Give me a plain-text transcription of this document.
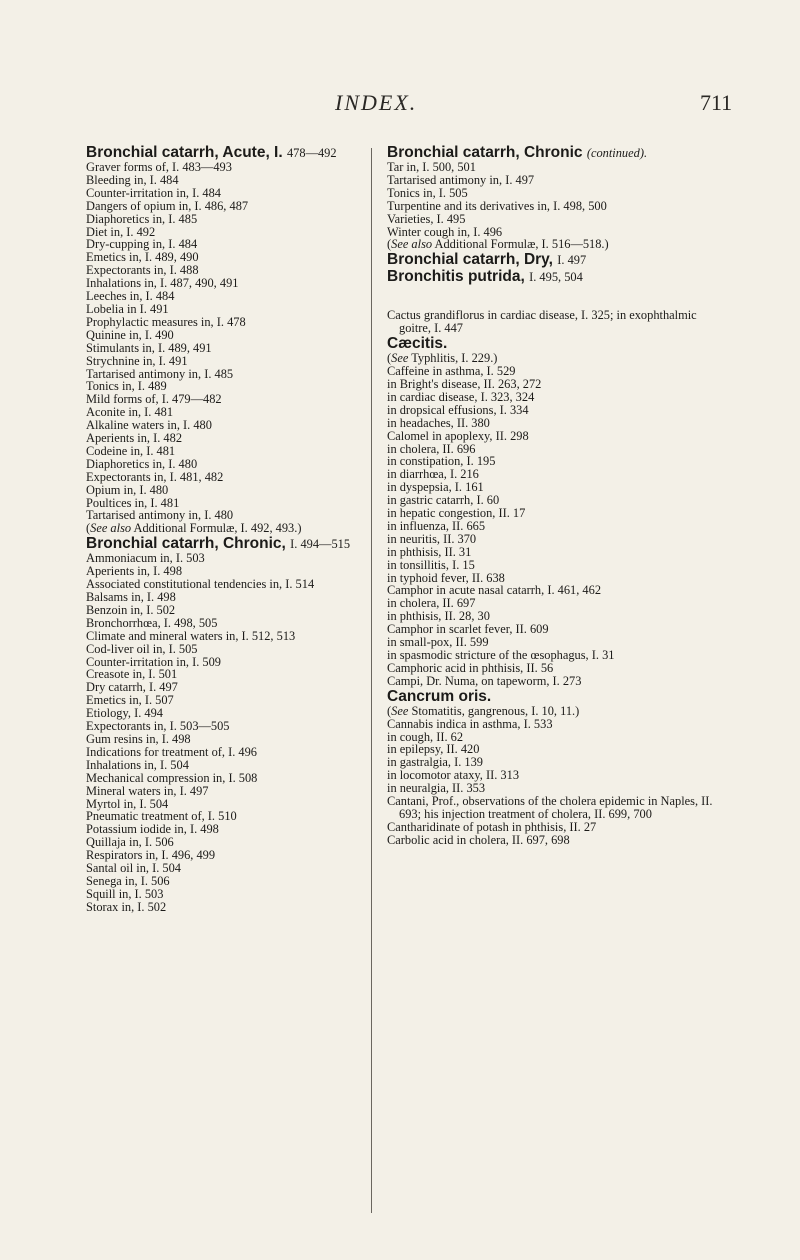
INDEX.	711
Bronchial catarrh, Acute, I. 478—492
Graver forms of, I. 483—493
Bleeding in, I. 484
Counter-irritation in, I. 484
Dangers of opium in, I. 486, 487
Diaphoretics in, I. 485
Diet in, I. 492
Dry-cupping in, I. 484
Emetics in, I. 489, 490
Expectorants in, I. 488
Inhalations in, I. 487, 490, 491
Leeches in, I. 484
Lobelia in I. 491
Prophylactic measures in, I. 478
Quinine in, I. 490
Stimulants in, I. 489, 491
Strychnine in, I. 491
Tartarised antimony in, I. 485
Tonics in, I. 489
Mild forms of, I. 479—482
Aconite in, I. 481
Alkaline waters in, I. 480
Aperients in, I. 482
Codeine in, I. 481
Diaphoretics in, I. 480
Expectorants in, I. 481, 482
Opium in, I. 480
Poultices in, I. 481
Tartarised antimony in, I. 480
(See also Additional Formulæ, I. 492, 493.)
Bronchial catarrh, Chronic, I. 494—515
Ammoniacum in, I. 503
Aperients in, I. 498
Associated constitutional tendencies in, I. 514
Balsams in, I. 498
Benzoin in, I. 502
Bronchorrhœa, I. 498, 505
Climate and mineral waters in, I. 512, 513
Cod-liver oil in, I. 505
Counter-irritation in, I. 509
Creasote in, I. 501
Dry catarrh, I. 497
Emetics in, I. 507
Etiology, I. 494
Expectorants in, I. 503—505
Gum resins in, I. 498
Indications for treatment of, I. 496
Inhalations in, I. 504
Mechanical compression in, I. 508
Mineral waters in, I. 497
Myrtol in, I. 504
Pneumatic treatment of, I. 510
Potassium iodide in, I. 498
Quillaja in, I. 506
Respirators in, I. 496, 499
Santal oil in, I. 504
Senega in, I. 506
Squill in, I. 503
Storax in, I. 502
Bronchial catarrh, Chronic (continued).
Tar in, I. 500, 501
Tartarised antimony in, I. 497
Tonics in, I. 505
Turpentine and its derivatives in, I. 498, 500
Varieties, I. 495
Winter cough in, I. 496
(See also Additional Formulæ, I. 516—518.)
Bronchial catarrh, Dry, I. 497
Bronchitis putrida, I. 495, 504
Cactus grandiflorus in cardiac disease, I. 325; in exophthalmic goitre, I. 447
Cæcitis.
(See Typhlitis, I. 229.)
Caffeine in asthma, I. 529
in Bright's disease, II. 263, 272
in cardiac disease, I. 323, 324
in dropsical effusions, I. 334
in headaches, II. 380
Calomel in apoplexy, II. 298
in cholera, II. 696
in constipation, I. 195
in diarrhœa, I. 216
in dyspepsia, I. 161
in gastric catarrh, I. 60
in hepatic congestion, II. 17
in influenza, II. 665
in neuritis, II. 370
in phthisis, II. 31
in tonsillitis, I. 15
in typhoid fever, II. 638
Camphor in acute nasal catarrh, I. 461, 462
in cholera, II. 697
in phthisis, II. 28, 30
Camphor in scarlet fever, II. 609
in small-pox, II. 599
in spasmodic stricture of the œsophagus, I. 31
Camphoric acid in phthisis, II. 56
Campi, Dr. Numa, on tapeworm, I. 273
Cancrum oris.
(See Stomatitis, gangrenous, I. 10, 11.)
Cannabis indica in asthma, I. 533
in cough, II. 62
in epilepsy, II. 420
in gastralgia, I. 139
in locomotor ataxy, II. 313
in neuralgia, II. 353
Cantani, Prof., observations of the cholera epidemic in Naples, II. 693; his injection treatment of cholera, II. 699, 700
Cantharidinate of potash in phthisis, II. 27
Carbolic acid in cholera, II. 697, 698
